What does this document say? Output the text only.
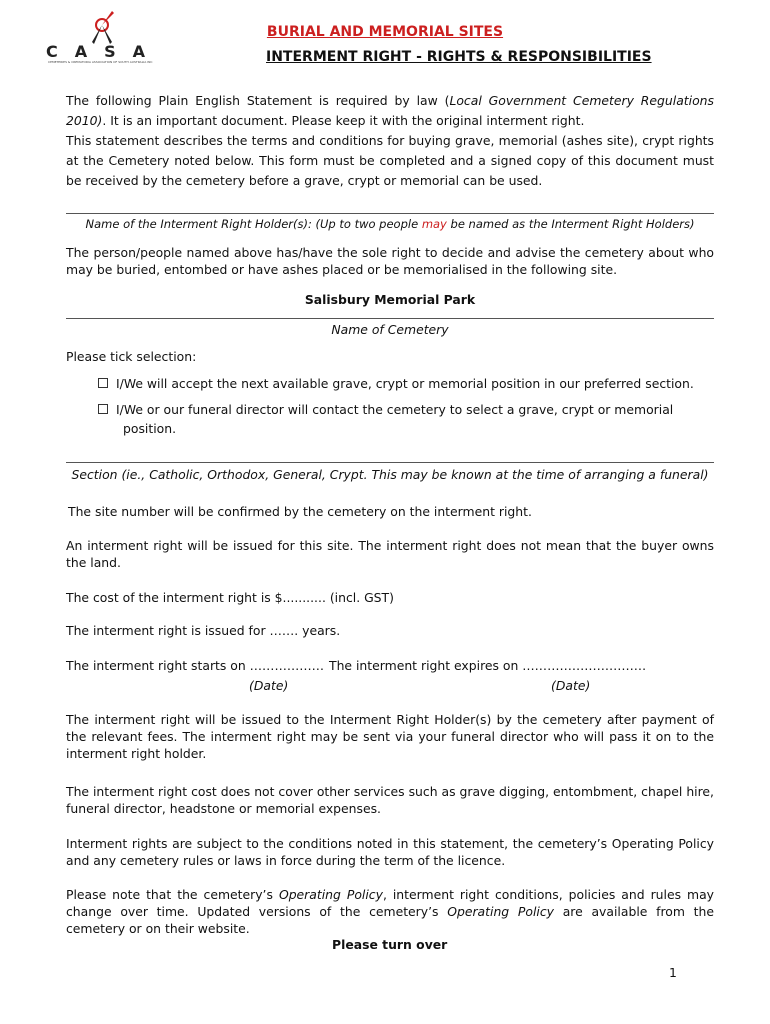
CASA
CEMETERIES & CREMATORIA ASSOCIATION OF SOUTH AUSTRALIA INC
BURIAL AND MEMORIAL SITES
INTERMENT RIGHT - RIGHTS & RESPONSIBILITIES
The following Plain English Statement is required by law (Local Government Cemetery Regulations 2010). It is an important document. Please keep it with the original interment right.
This statement describes the terms and conditions for buying grave, memorial (ashes site), crypt rights at the Cemetery noted below. This form must be completed and a signed copy of this document must be received by the cemetery before a grave, crypt or memorial can be used.
Name of the Interment Right Holder(s): (Up to two people may be named as the Interment Right Holders)
The person/people named above has/have the sole right to decide and advise the cemetery about who may be buried, entombed or have ashes placed or be memorialised in the following site.
Salisbury Memorial Park
Name of Cemetery
Please tick selection:
I/We will accept the next available grave, crypt or memorial position in our preferred section.
I/We or our funeral director will contact the cemetery to select a grave, crypt or memorial
position.
Section (ie., Catholic, Orthodox, General, Crypt. This may be known at the time of arranging a funeral)
The site number will be confirmed by the cemetery on the interment right.
An interment right will be issued for this site. The interment right does not mean that the buyer owns the land.
The cost of the interment right is $........... (incl. GST)
The interment right is issued for ……. years.
The interment right starts on ……………… The interment right expires on …………………………
(Date)	(Date)
The interment right will be issued to the Interment Right Holder(s) by the cemetery after payment of the relevant fees. The interment right may be sent via your funeral director who will pass it on to the interment right holder.
The interment right cost does not cover other services such as grave digging, entombment, chapel hire, funeral director, headstone or memorial expenses.
Interment rights are subject to the conditions noted in this statement, the cemetery’s Operating Policy and any cemetery rules or laws in force during the term of the licence.
Please note that the cemetery’s Operating Policy, interment right conditions, policies and rules may change over time. Updated versions of the cemetery’s Operating Policy are available from the cemetery or on their website.
Please turn over
1
